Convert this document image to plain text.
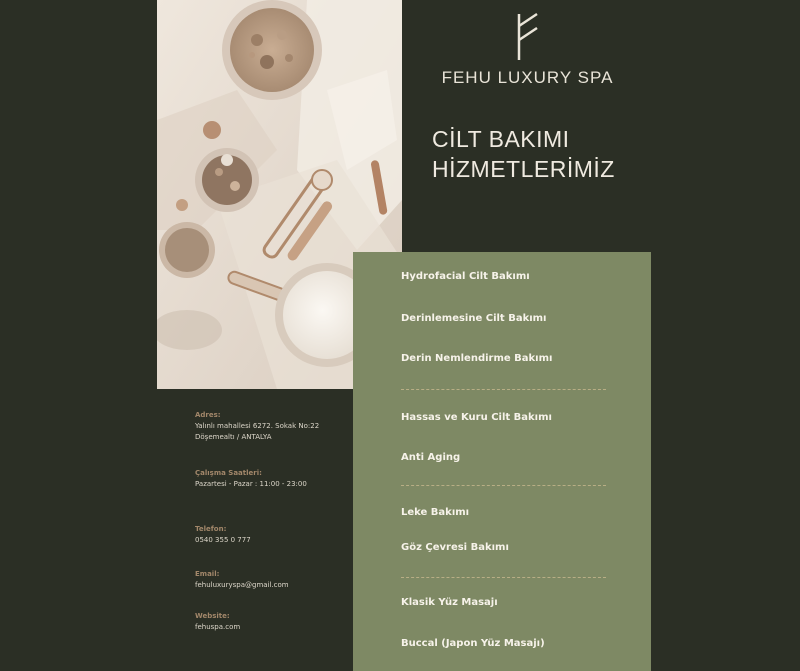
FEHU LUXURY SPA
CİLT BAKIMI
HİZMETLERİMİZ
Adres:
Yalınlı mahallesi 6272. Sokak No:22
Döşemealtı / ANTALYA
Çalışma Saatleri:
Pazartesi - Pazar : 11:00 - 23:00
Telefon:
0540 355 0 777
Email:
fehuluxuryspa@gmail.com
Website:
fehuspa.com
Hydrofacial Cilt Bakımı
Derinlemesine Cilt Bakımı
Derin Nemlendirme Bakımı
Hassas ve Kuru Cilt Bakımı
Anti Aging
Leke Bakımı
Göz Çevresi Bakımı
Klasik Yüz Masajı
Buccal (Japon Yüz Masajı)
